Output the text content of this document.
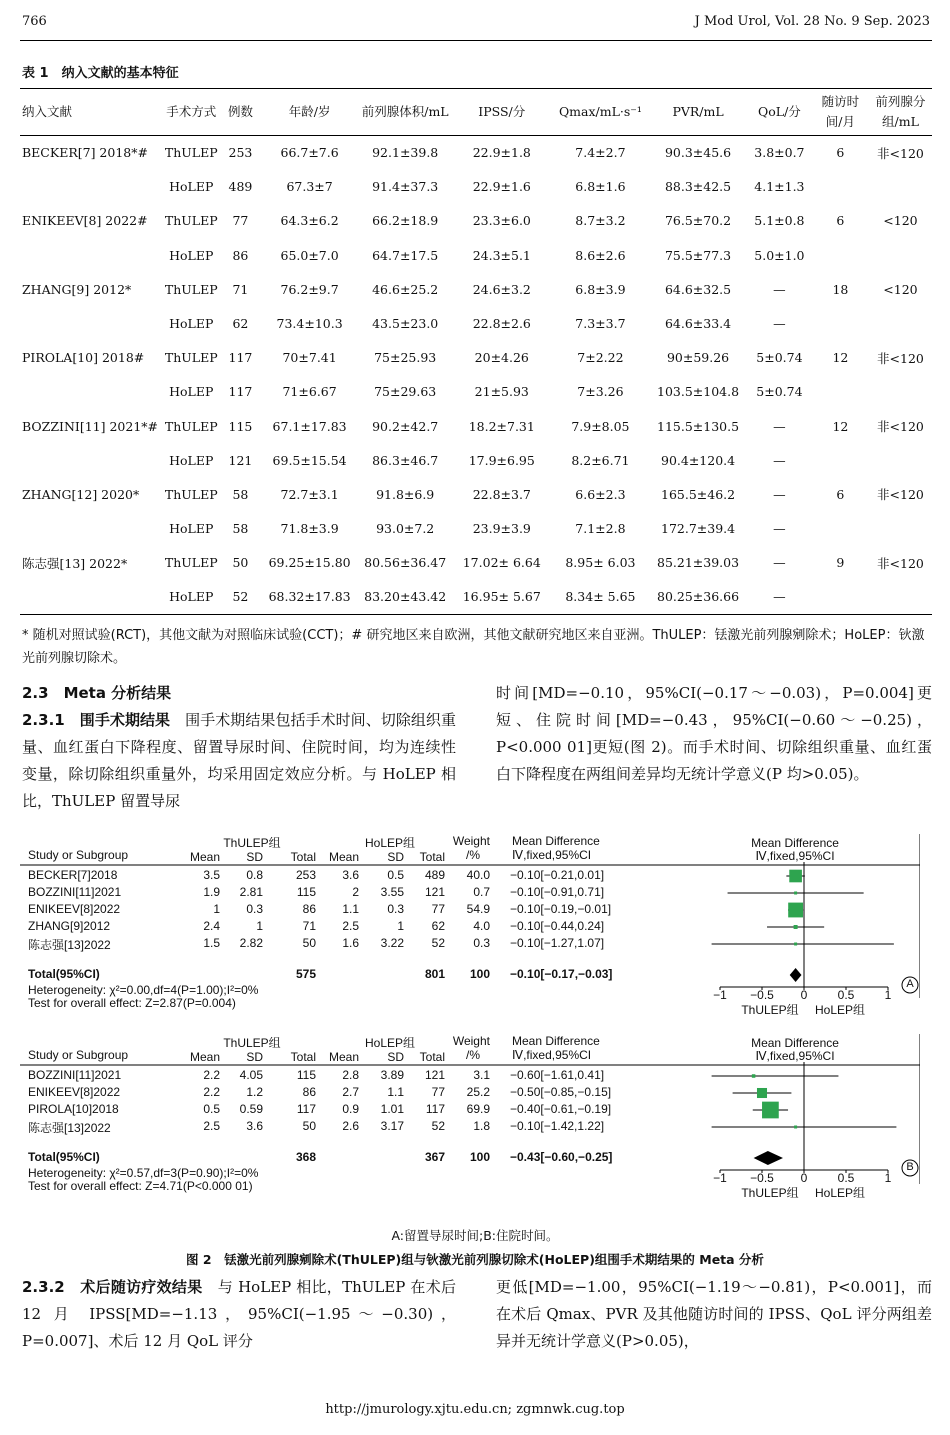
766	J Mod Urol, Vol. 28 No. 9 Sep. 2023
表 1　纳入文献的基本特征
纳入文献	手术方式	例数	年龄/岁	前列腺体积/mL	IPSS/分	Qmax/mL·s⁻¹	PVR/mL	QoL/分	随访时间/月	前列腺分组/mL
BECKER[7] 2018*#	ThULEP	253	66.7±7.6	92.1±39.8	22.9±1.8	7.4±2.7	90.3±45.6	3.8±0.7	6	非<120
	HoLEP	489	67.3±7	91.4±37.3	22.9±1.6	6.8±1.6	88.3±42.5	4.1±1.3		
ENIKEEV[8] 2022#	ThULEP	77	64.3±6.2	66.2±18.9	23.3±6.0	8.7±3.2	76.5±70.2	5.1±0.8	6	<120
	HoLEP	86	65.0±7.0	64.7±17.5	24.3±5.1	8.6±2.6	75.5±77.3	5.0±1.0		
ZHANG[9] 2012*	ThULEP	71	76.2±9.7	46.6±25.2	24.6±3.2	6.8±3.9	64.6±32.5	—	18	<120
	HoLEP	62	73.4±10.3	43.5±23.0	22.8±2.6	7.3±3.7	64.6±33.4	—		
PIROLA[10] 2018#	ThULEP	117	70±7.41	75±25.93	20±4.26	7±2.22	90±59.26	5±0.74	12	非<120
	HoLEP	117	71±6.67	75±29.63	21±5.93	7±3.26	103.5±104.8	5±0.74		
BOZZINI[11] 2021*#	ThULEP	115	67.1±17.83	90.2±42.7	18.2±7.31	7.9±8.05	115.5±130.5	—	12	非<120
	HoLEP	121	69.5±15.54	86.3±46.7	17.9±6.95	8.2±6.71	90.4±120.4	—		
ZHANG[12] 2020*	ThULEP	58	72.7±3.1	91.8±6.9	22.8±3.7	6.6±2.3	165.5±46.2	—	6	非<120
	HoLEP	58	71.8±3.9	93.0±7.2	23.9±3.9	7.1±2.8	172.7±39.4	—		
陈志强[13] 2022*	ThULEP	50	69.25±15.80	80.56±36.47	17.02± 6.64	8.95± 6.03	85.21±39.03	—	9	非<120
	HoLEP	52	68.32±17.83	83.20±43.42	16.95± 5.67	8.34± 5.65	80.25±36.66	—		
* 随机对照试验(RCT)，其他文献为对照临床试验(CCT)；# 研究地区来自欧洲，其他文献研究地区来自亚洲。ThULEP：铥激光前列腺剜除术；HoLEP：钬激光前列腺切除术。
2.3　Meta 分析结果
2.3.1　围手术期结果　 围手术期结果包括手术时间、切除组织重量、血红蛋白下降程度、留置导尿时间、住院时间，均为连续性变量，除切除组织重量外，均采用固定效应分析。与 HoLEP 相比，ThULEP 留置导尿
时间[MD=−0.10，95%CI(−0.17～−0.03)，P=0.004]更短、住院时间[MD=−0.43，95%CI(−0.60～−0.25)，P<0.000 01]更短(图 2)。而手术时间、切除组织重量、血红蛋白下降程度在两组间差异均无统计学意义(P 均>0.05)。
ThULEP组	HoLEP组	Weight
/%
Mean Difference
Ⅳ,fixed,95%CI
Mean Difference
Ⅳ,fixed,95%CI
Study or Subgroup	Mean SD Total Mean SD Total
BECKER[7]2018	3.5 0.8	253 3.6 0.5 489 40.0 −0.10[−0.21,0.01]
BOZZINI[11]2021	1.9 2.81	115	2 3.55 121 0.7 −0.10[−0.91,0.71]
ENIKEEV[8]2022	1 0.3	86 1.1 0.3 77 54.9 −0.10[−0.19,−0.01]
ZHANG[9]2012	2.4	1	71 2.5	1 62 4.0 −0.10[−0.44,0.24]
陈志强[13]2022	1.5 2.82	50 1.6 3.22 52 0.3 −0.10[−1.27,1.07]
Total(95%CI)	575	801 100 −0.10[−0.17,−0.03]
Heterogeneity: χ²=0.00,df=4(P=1.00);I²=0%
Test for overall effect: Z=2.87(P=0.004)
−1 −0.5 0	0.5	1
ThULEP组 HoLEP组
A
ThULEP组	HoLEP组	Weight
/%
Mean Difference
Ⅳ,fixed,95%CI
Mean Difference
Ⅳ,fixed,95%CI
Study or Subgroup	Mean SD Total Mean SD Total
BOZZINI[11]2021	2.2 4.05	115 2.8 3.89 121 3.1 −0.60[−1.61,0.41]
ENIKEEV[8]2022	2.2 1.2	86 2.7 1.1 77 25.2 −0.50[−0.85,−0.15]
PIROLA[10]2018	0.5 0.59	117 0.9 1.01 117 69.9 −0.40[−0.61,−0.19]
陈志强[13]2022	2.5 3.6	50 2.6 3.17 52 1.8 −0.10[−1.42,1.22]
Total(95%CI)	368	367 100 −0.43[−0.60,−0.25]
Heterogeneity: χ²=0.57,df=3(P=0.90);I²=0%
Test for overall effect: Z=4.71(P<0.000 01)
−1 −0.5 0	0.5	1
ThULEP组 HoLEP组
B
A:留置导尿时间;B:住院时间。
图 2　铥激光前列腺剜除术(ThULEP)组与钬激光前列腺切除术(HoLEP)组围手术期结果的 Meta 分析
2.3.2　术后随访疗效结果　 与 HoLEP 相比，ThULEP 在术后 12 月 IPSS[MD=−1.13，95%CI(−1.95～−0.30)，P=0.007]、术后 12 月 QoL 评分
更低[MD=−1.00，95%CI(−1.19～−0.81)，P<0.001]，而在术后 Qmax、PVR 及其他随访时间的 IPSS、QoL 评分两组差异并无统计学意义(P>0.05)，
http://jmurology.xjtu.edu.cn; zgmnwk.cug.top
